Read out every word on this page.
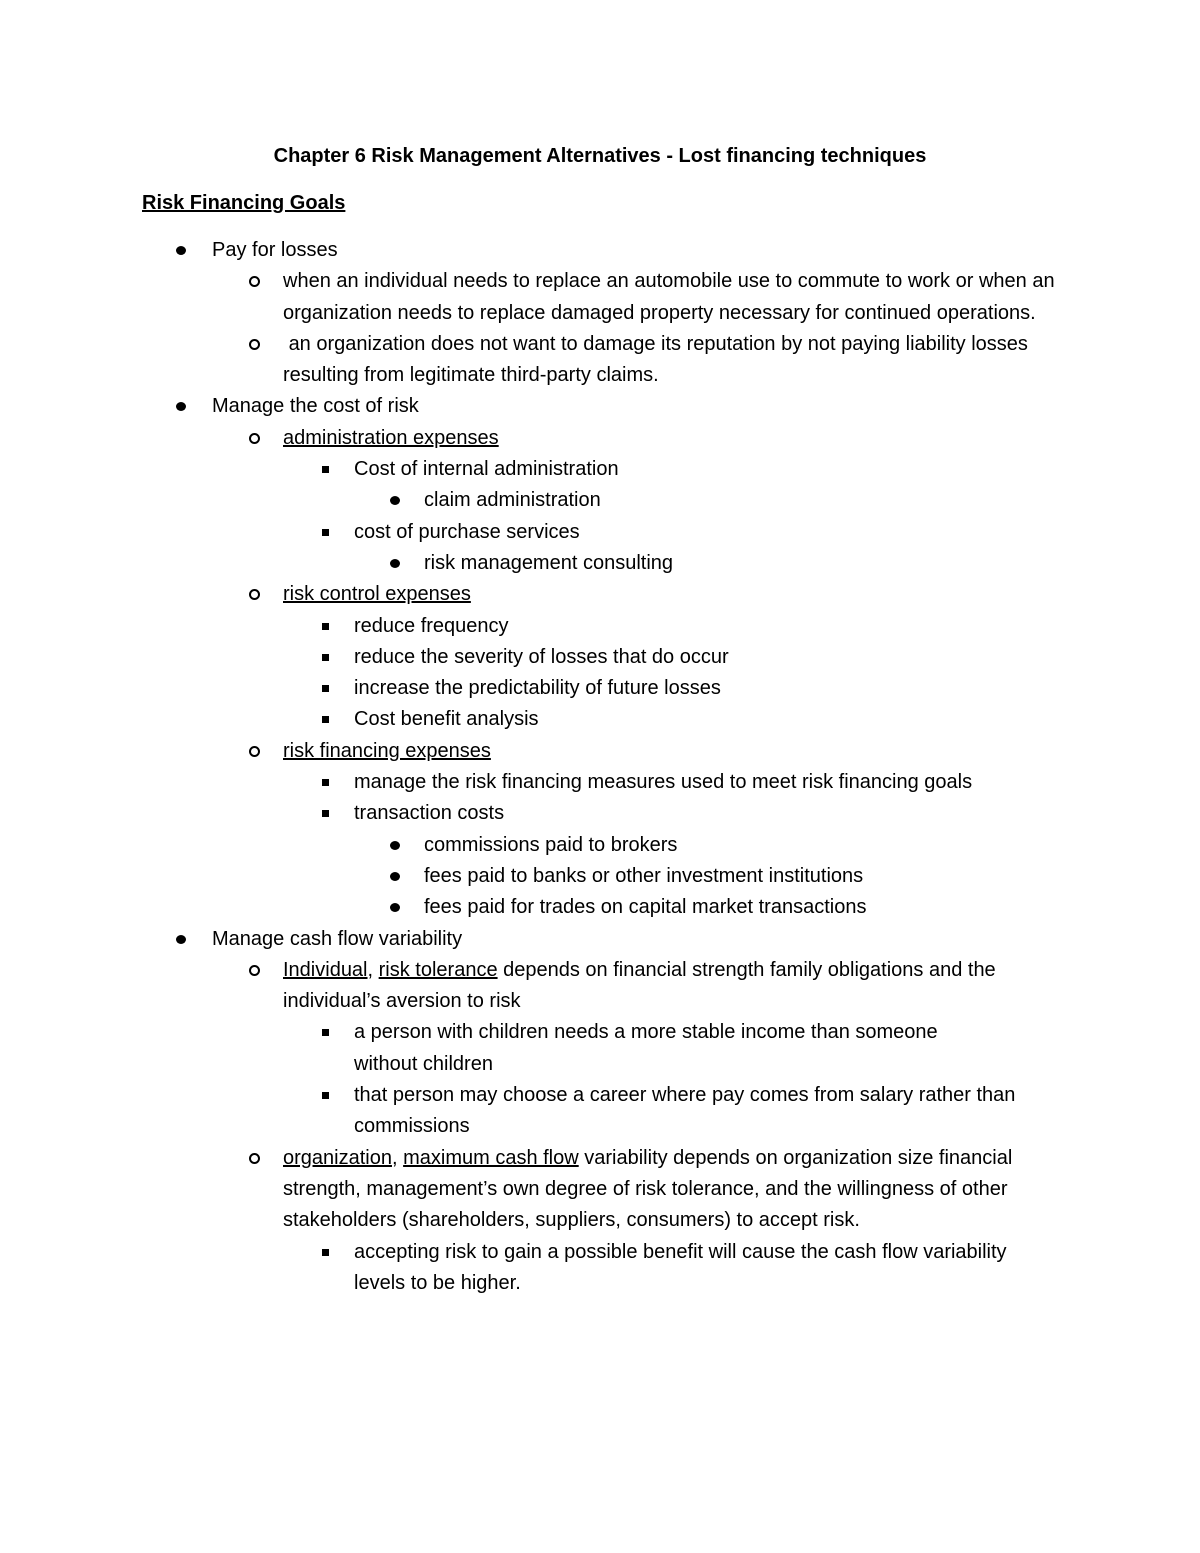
Chapter 6 Risk Management Alternatives - Lost financing techniques
Risk Financing Goals
Pay for losses
when an individual needs to replace an automobile use to commute to work or when an organization needs to replace damaged property necessary for continued operations.
an organization does not want to damage its reputation by not paying liability losses resulting from legitimate third-party claims.
Manage the cost of risk
administration expenses
Cost of internal administration
claim administration
cost of purchase services
risk management consulting
risk control expenses
reduce frequency
reduce the severity of losses that do occur
increase the predictability of future losses
Cost benefit analysis
risk financing expenses
manage the risk financing measures used to meet risk financing goals
transaction costs
commissions paid to brokers
fees paid to banks or other investment institutions
fees paid for trades on capital market transactions
Manage cash flow variability
Individual, risk tolerance depends on financial strength family obligations and the individual’s aversion to risk
a person with children needs a more stable income than someone without children
that person may choose a career where pay comes from salary rather than commissions
organization, maximum cash flow variability depends on organization size financial strength, management’s own degree of risk tolerance, and the willingness of other stakeholders (shareholders, suppliers, consumers) to accept risk.
accepting risk to gain a possible benefit will cause the cash flow variability levels to be higher.
